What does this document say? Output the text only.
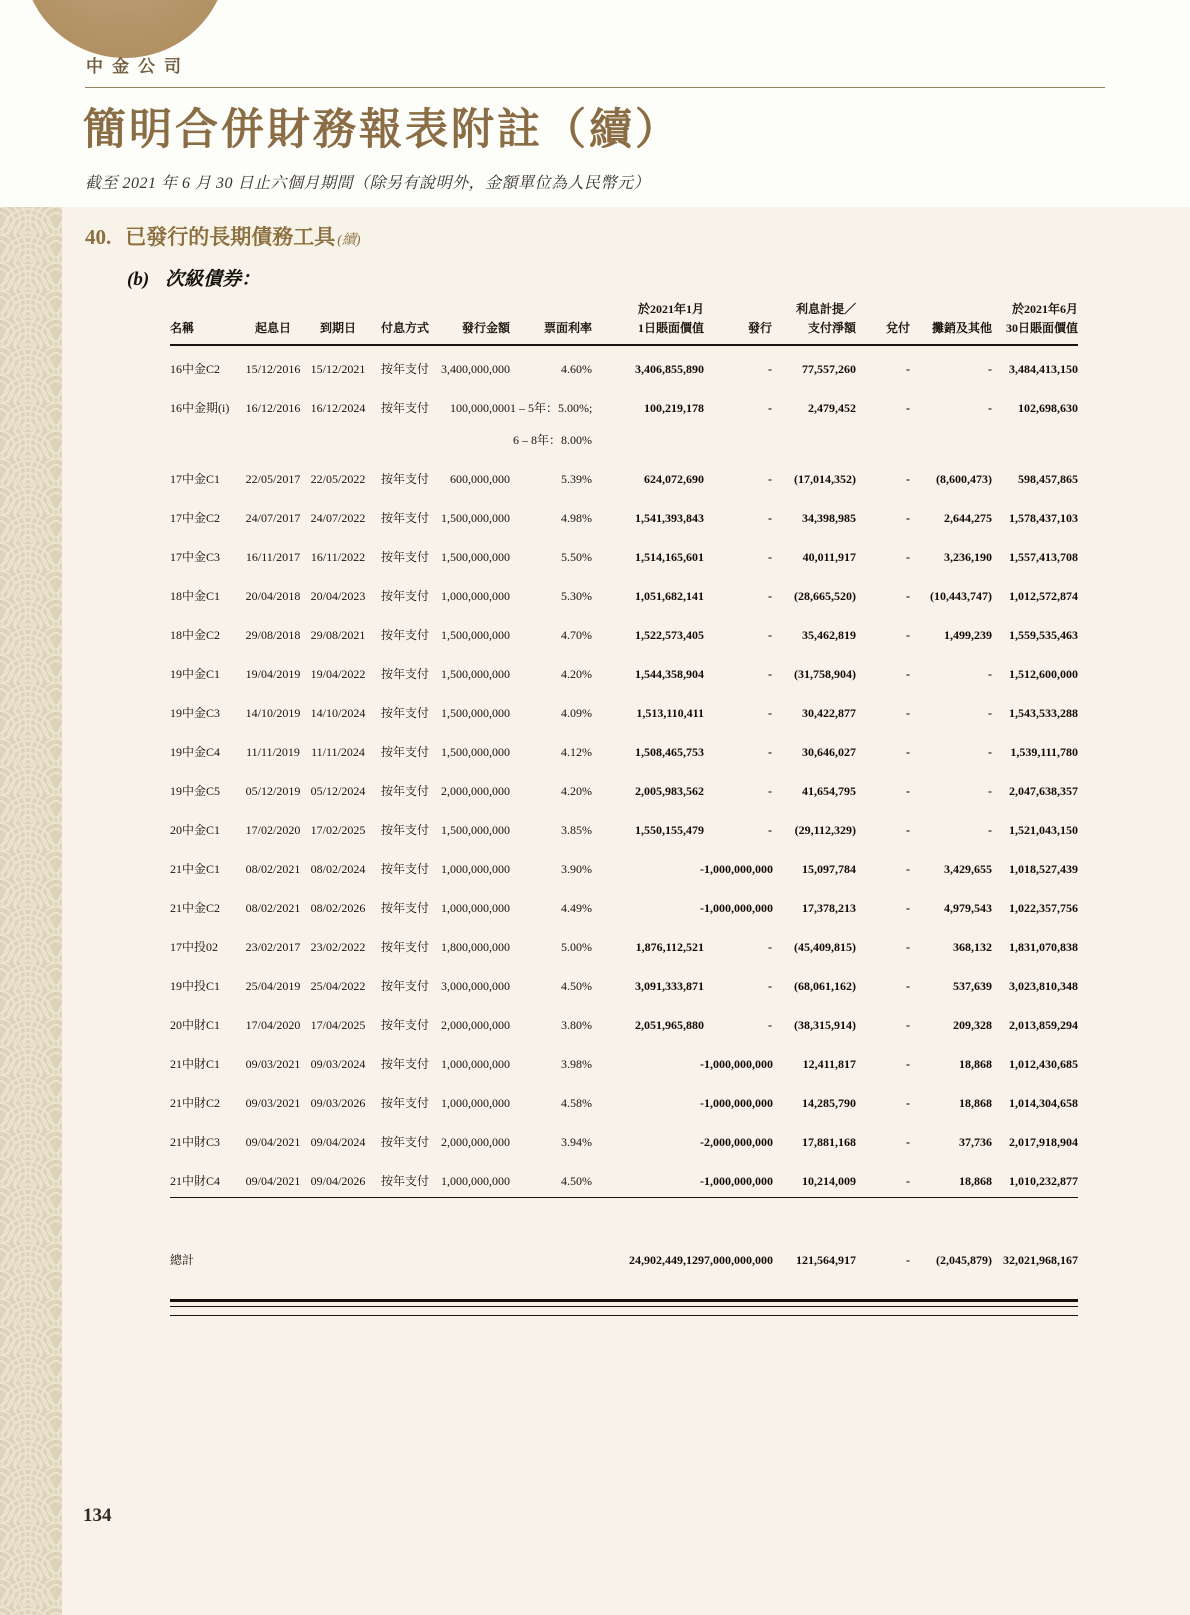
中金公司
簡明合併財務報表附註（續）
截至 2021 年 6 月 30 日止六個月期間（除另有說明外，金額單位為人民幣元）
40. 已發行的長期債務工具 (續)
(b) 次級債券：
名稱	起息日	到期日	付息方式	發行金額	票面利率	於2021年1月
1日賬面價值	發行	利息計提／
支付淨額	兌付	攤銷及其他	於2021年6月
30日賬面價值
16中金C2	15/12/2016	15/12/2021	按年支付	3,400,000,000	4.60%	3,406,855,890	-	77,557,260	-	-	3,484,413,150
16中金期(i)	16/12/2016	16/12/2024	按年支付	100,000,000	1 – 5年：5.00%;	100,219,178	-	2,479,452	-	-	102,698,630
					6 – 8年：8.00%						
17中金C1	22/05/2017	22/05/2022	按年支付	600,000,000	5.39%	624,072,690	-	(17,014,352)	-	(8,600,473)	598,457,865
17中金C2	24/07/2017	24/07/2022	按年支付	1,500,000,000	4.98%	1,541,393,843	-	34,398,985	-	2,644,275	1,578,437,103
17中金C3	16/11/2017	16/11/2022	按年支付	1,500,000,000	5.50%	1,514,165,601	-	40,011,917	-	3,236,190	1,557,413,708
18中金C1	20/04/2018	20/04/2023	按年支付	1,000,000,000	5.30%	1,051,682,141	-	(28,665,520)	-	(10,443,747)	1,012,572,874
18中金C2	29/08/2018	29/08/2021	按年支付	1,500,000,000	4.70%	1,522,573,405	-	35,462,819	-	1,499,239	1,559,535,463
19中金C1	19/04/2019	19/04/2022	按年支付	1,500,000,000	4.20%	1,544,358,904	-	(31,758,904)	-	-	1,512,600,000
19中金C3	14/10/2019	14/10/2024	按年支付	1,500,000,000	4.09%	1,513,110,411	-	30,422,877	-	-	1,543,533,288
19中金C4	11/11/2019	11/11/2024	按年支付	1,500,000,000	4.12%	1,508,465,753	-	30,646,027	-	-	1,539,111,780
19中金C5	05/12/2019	05/12/2024	按年支付	2,000,000,000	4.20%	2,005,983,562	-	41,654,795	-	-	2,047,638,357
20中金C1	17/02/2020	17/02/2025	按年支付	1,500,000,000	3.85%	1,550,155,479	-	(29,112,329)	-	-	1,521,043,150
21中金C1	08/02/2021	08/02/2024	按年支付	1,000,000,000	3.90%	-	1,000,000,000	15,097,784	-	3,429,655	1,018,527,439
21中金C2	08/02/2021	08/02/2026	按年支付	1,000,000,000	4.49%	-	1,000,000,000	17,378,213	-	4,979,543	1,022,357,756
17中投02	23/02/2017	23/02/2022	按年支付	1,800,000,000	5.00%	1,876,112,521	-	(45,409,815)	-	368,132	1,831,070,838
19中投C1	25/04/2019	25/04/2022	按年支付	3,000,000,000	4.50%	3,091,333,871	-	(68,061,162)	-	537,639	3,023,810,348
20中財C1	17/04/2020	17/04/2025	按年支付	2,000,000,000	3.80%	2,051,965,880	-	(38,315,914)	-	209,328	2,013,859,294
21中財C1	09/03/2021	09/03/2024	按年支付	1,000,000,000	3.98%	-	1,000,000,000	12,411,817	-	18,868	1,012,430,685
21中財C2	09/03/2021	09/03/2026	按年支付	1,000,000,000	4.58%	-	1,000,000,000	14,285,790	-	18,868	1,014,304,658
21中財C3	09/04/2021	09/04/2024	按年支付	2,000,000,000	3.94%	-	2,000,000,000	17,881,168	-	37,736	2,017,918,904
21中財C4	09/04/2021	09/04/2026	按年支付	1,000,000,000	4.50%	-	1,000,000,000	10,214,009	-	18,868	1,010,232,877

總計						24,902,449,129	7,000,000,000	121,564,917	-	(2,045,879)	32,021,968,167

134
